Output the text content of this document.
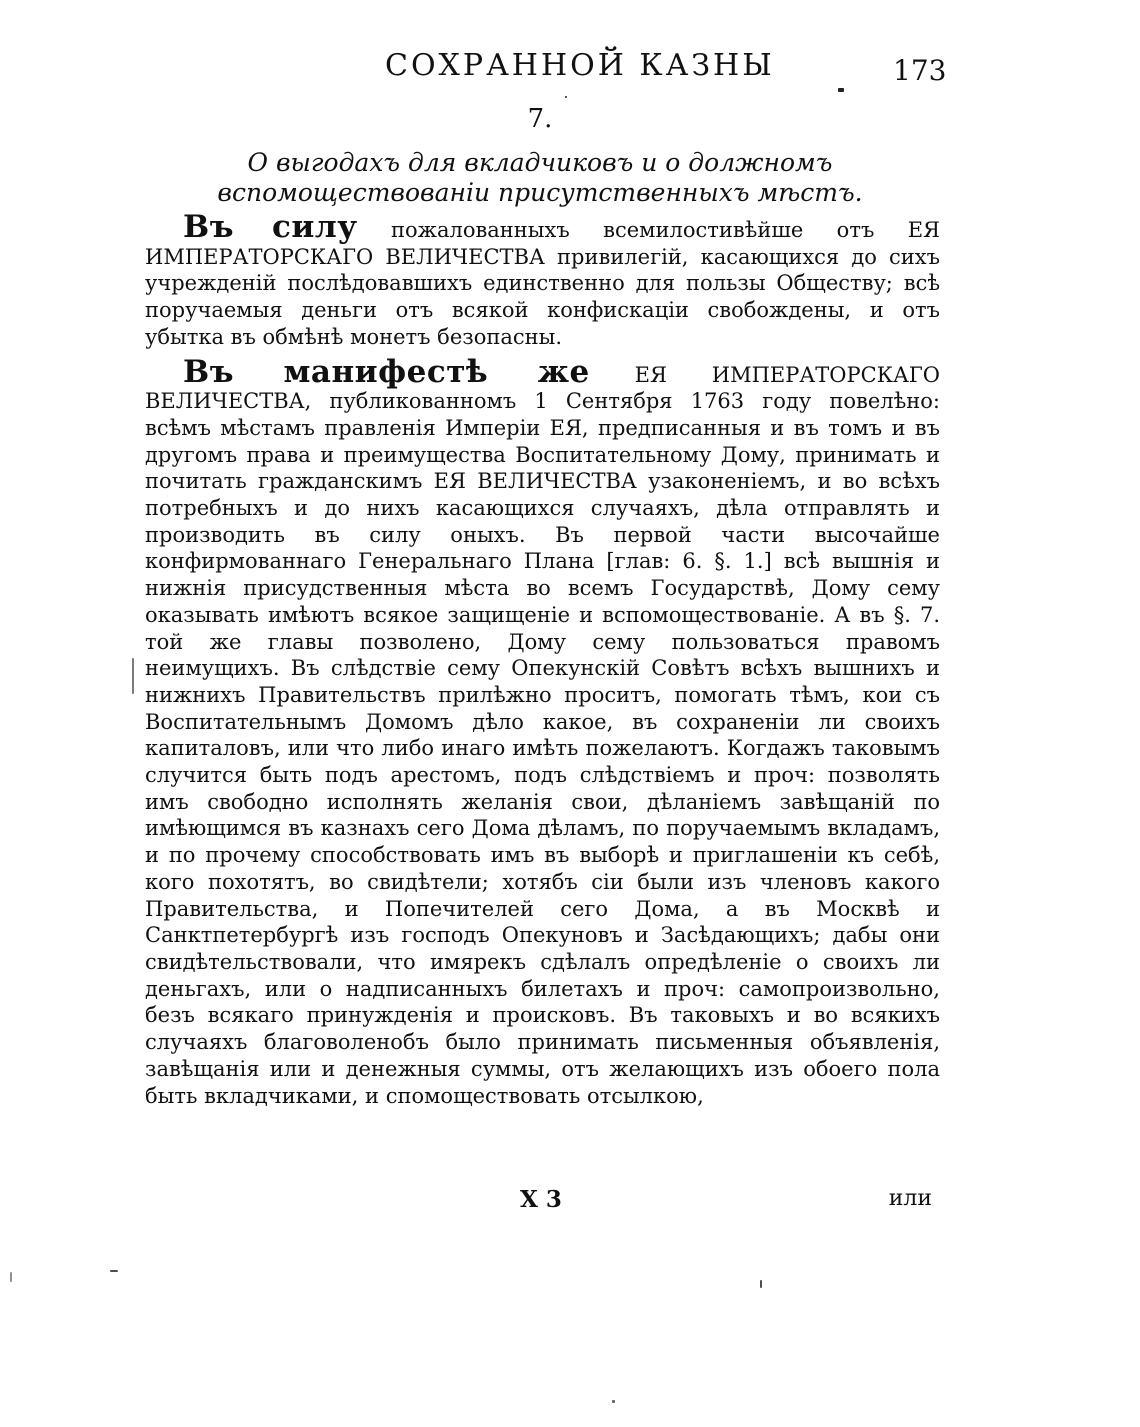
СОХРАННОЙ КАЗНЫ	173
7.
О выгодахъ для вкладчиковъ и о должномъ вспомоществованіи присутственныхъ мѣстъ.

Въ силу пожалованныхъ всемилостивѣйше отъ ЕЯ ИМПЕРАТОРСКАГО ВЕЛИЧЕСТВА привилегій, касающихся до сихъ учрежденій послѣдовавшихъ единственно для пользы Обществу; всѣ поручаемыя деньги отъ всякой конфискаціи свобождены, и отъ убытка въ обмѣнѣ монетъ безопасны.

Въ манифестѣ же ЕЯ ИМПЕРАТОРСКАГО ВЕЛИЧЕСТВА, публикованномъ 1 Сентября 1763 году повелѣно: всѣмъ мѣстамъ правленія Имперіи ЕЯ, предписанныя и въ томъ и въ другомъ права и преимущества Воспитательному Дому, принимать и почитать гражданскимъ ЕЯ ВЕЛИЧЕСТВА узаконеніемъ, и во всѣхъ потребныхъ и до нихъ касающихся случаяхъ, дѣла отправлять и производить въ силу оныхъ. Въ первой части высочайше конфирмованнаго Генеральнаго Плана [глав: 6. §. 1.] всѣ вышнія и нижнія присудственныя мѣста во всемъ Государствѣ, Дому сему оказывать имѣютъ всякое защищеніе и вспомоществованіе. А въ §. 7. той же главы позволено, Дому сему пользоваться правомъ неимущихъ. Въ слѣдствіе сему Опекунскій Совѣтъ всѣхъ вышнихъ и нижнихъ Правительствъ прилѣжно проситъ, помогать тѣмъ, кои съ Воспитательнымъ Домомъ дѣло какое, въ сохраненіи ли своихъ капиталовъ, или что либо инаго имѣть пожелаютъ. Когдажъ таковымъ случится быть подъ арестомъ, подъ слѣдствіемъ и проч: позволять имъ свободно исполнять желанія свои, дѣланіемъ завѣщаній по имѣющимся въ казнахъ сего Дома дѣламъ, по поручаемымъ вкладамъ, и по прочему способствовать имъ въ выборѣ и приглашеніи къ себѣ, кого похотятъ, во свидѣтели; хотябъ сіи были изъ членовъ какого Правительства, и Попечителей сего Дома, а въ Москвѣ и Санктпетербургѣ изъ господъ Опекуновъ и Засѣдающихъ; дабы они свидѣтельствовали, что имярекъ сдѣлалъ опредѣленіе о своихъ ли деньгахъ, или о надписанныхъ билетахъ и проч: самопроизвольно, безъ всякаго принужденія и происковъ. Въ таковыхъ и во всякихъ случаяхъ благоволенобъ было принимать письменныя объявленія, завѣщанія или и денежныя суммы, отъ желающихъ изъ обоего пола быть вкладчиками, и спомоществовать отсылкою,

X 3	или
